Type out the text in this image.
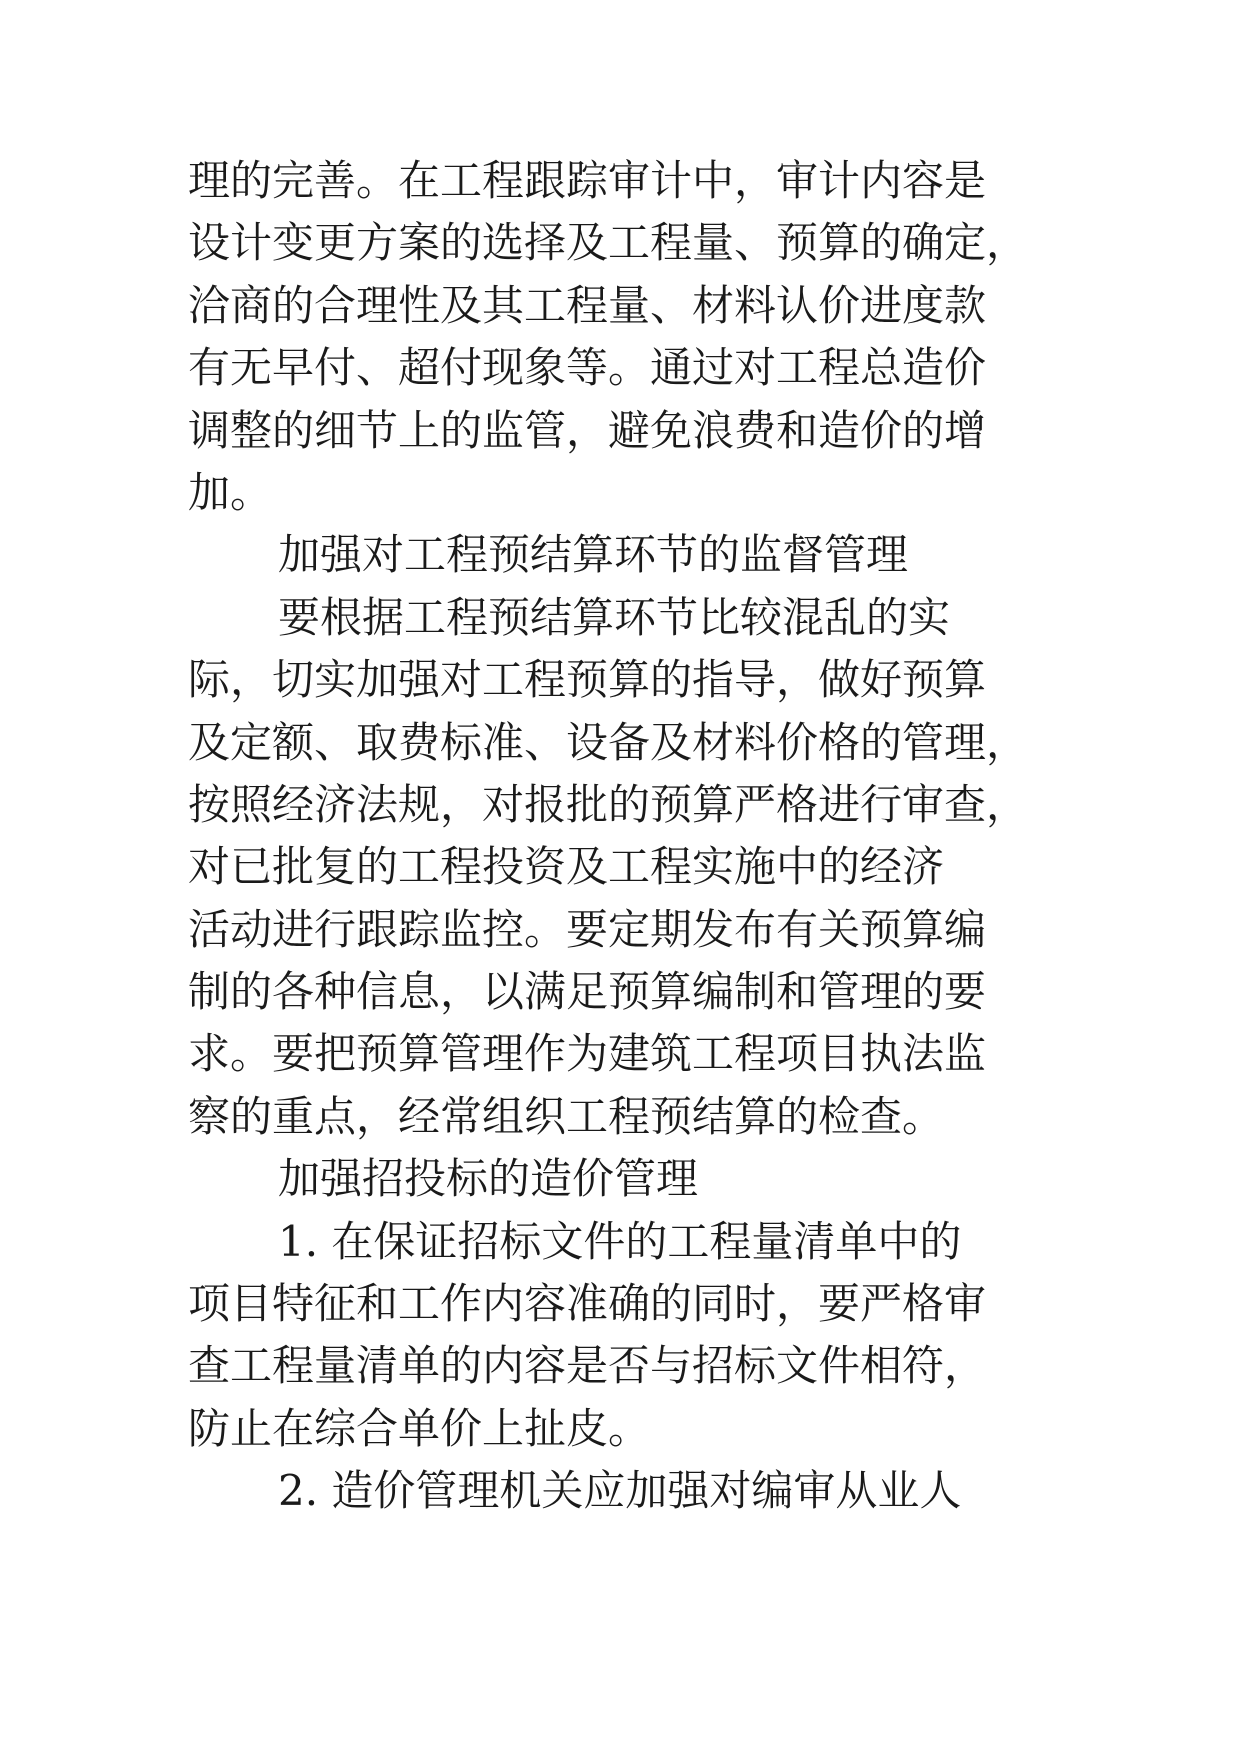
理的完善。在工程跟踪审计中，审计内容是
设计变更方案的选择及工程量、预算的确定，
洽商的合理性及其工程量、材料认价进度款
有无早付、超付现象等。通过对工程总造价
调整的细节上的监管，避免浪费和造价的增
加。
加强对工程预结算环节的监督管理
要根据工程预结算环节比较混乱的实
际，切实加强对工程预算的指导，做好预算
及定额、取费标准、设备及材料价格的管理，
按照经济法规，对报批的预算严格进行审查，
对已批复的工程投资及工程实施中的经济
活动进行跟踪监控。要定期发布有关预算编
制的各种信息，以满足预算编制和管理的要
求。要把预算管理作为建筑工程项目执法监
察的重点，经常组织工程预结算的检查。
加强招投标的造价管理
1. 在保证招标文件的工程量清单中的
项目特征和工作内容准确的同时，要严格审
查工程量清单的内容是否与招标文件相符，
防止在综合单价上扯皮。
2. 造价管理机关应加强对编审从业人
